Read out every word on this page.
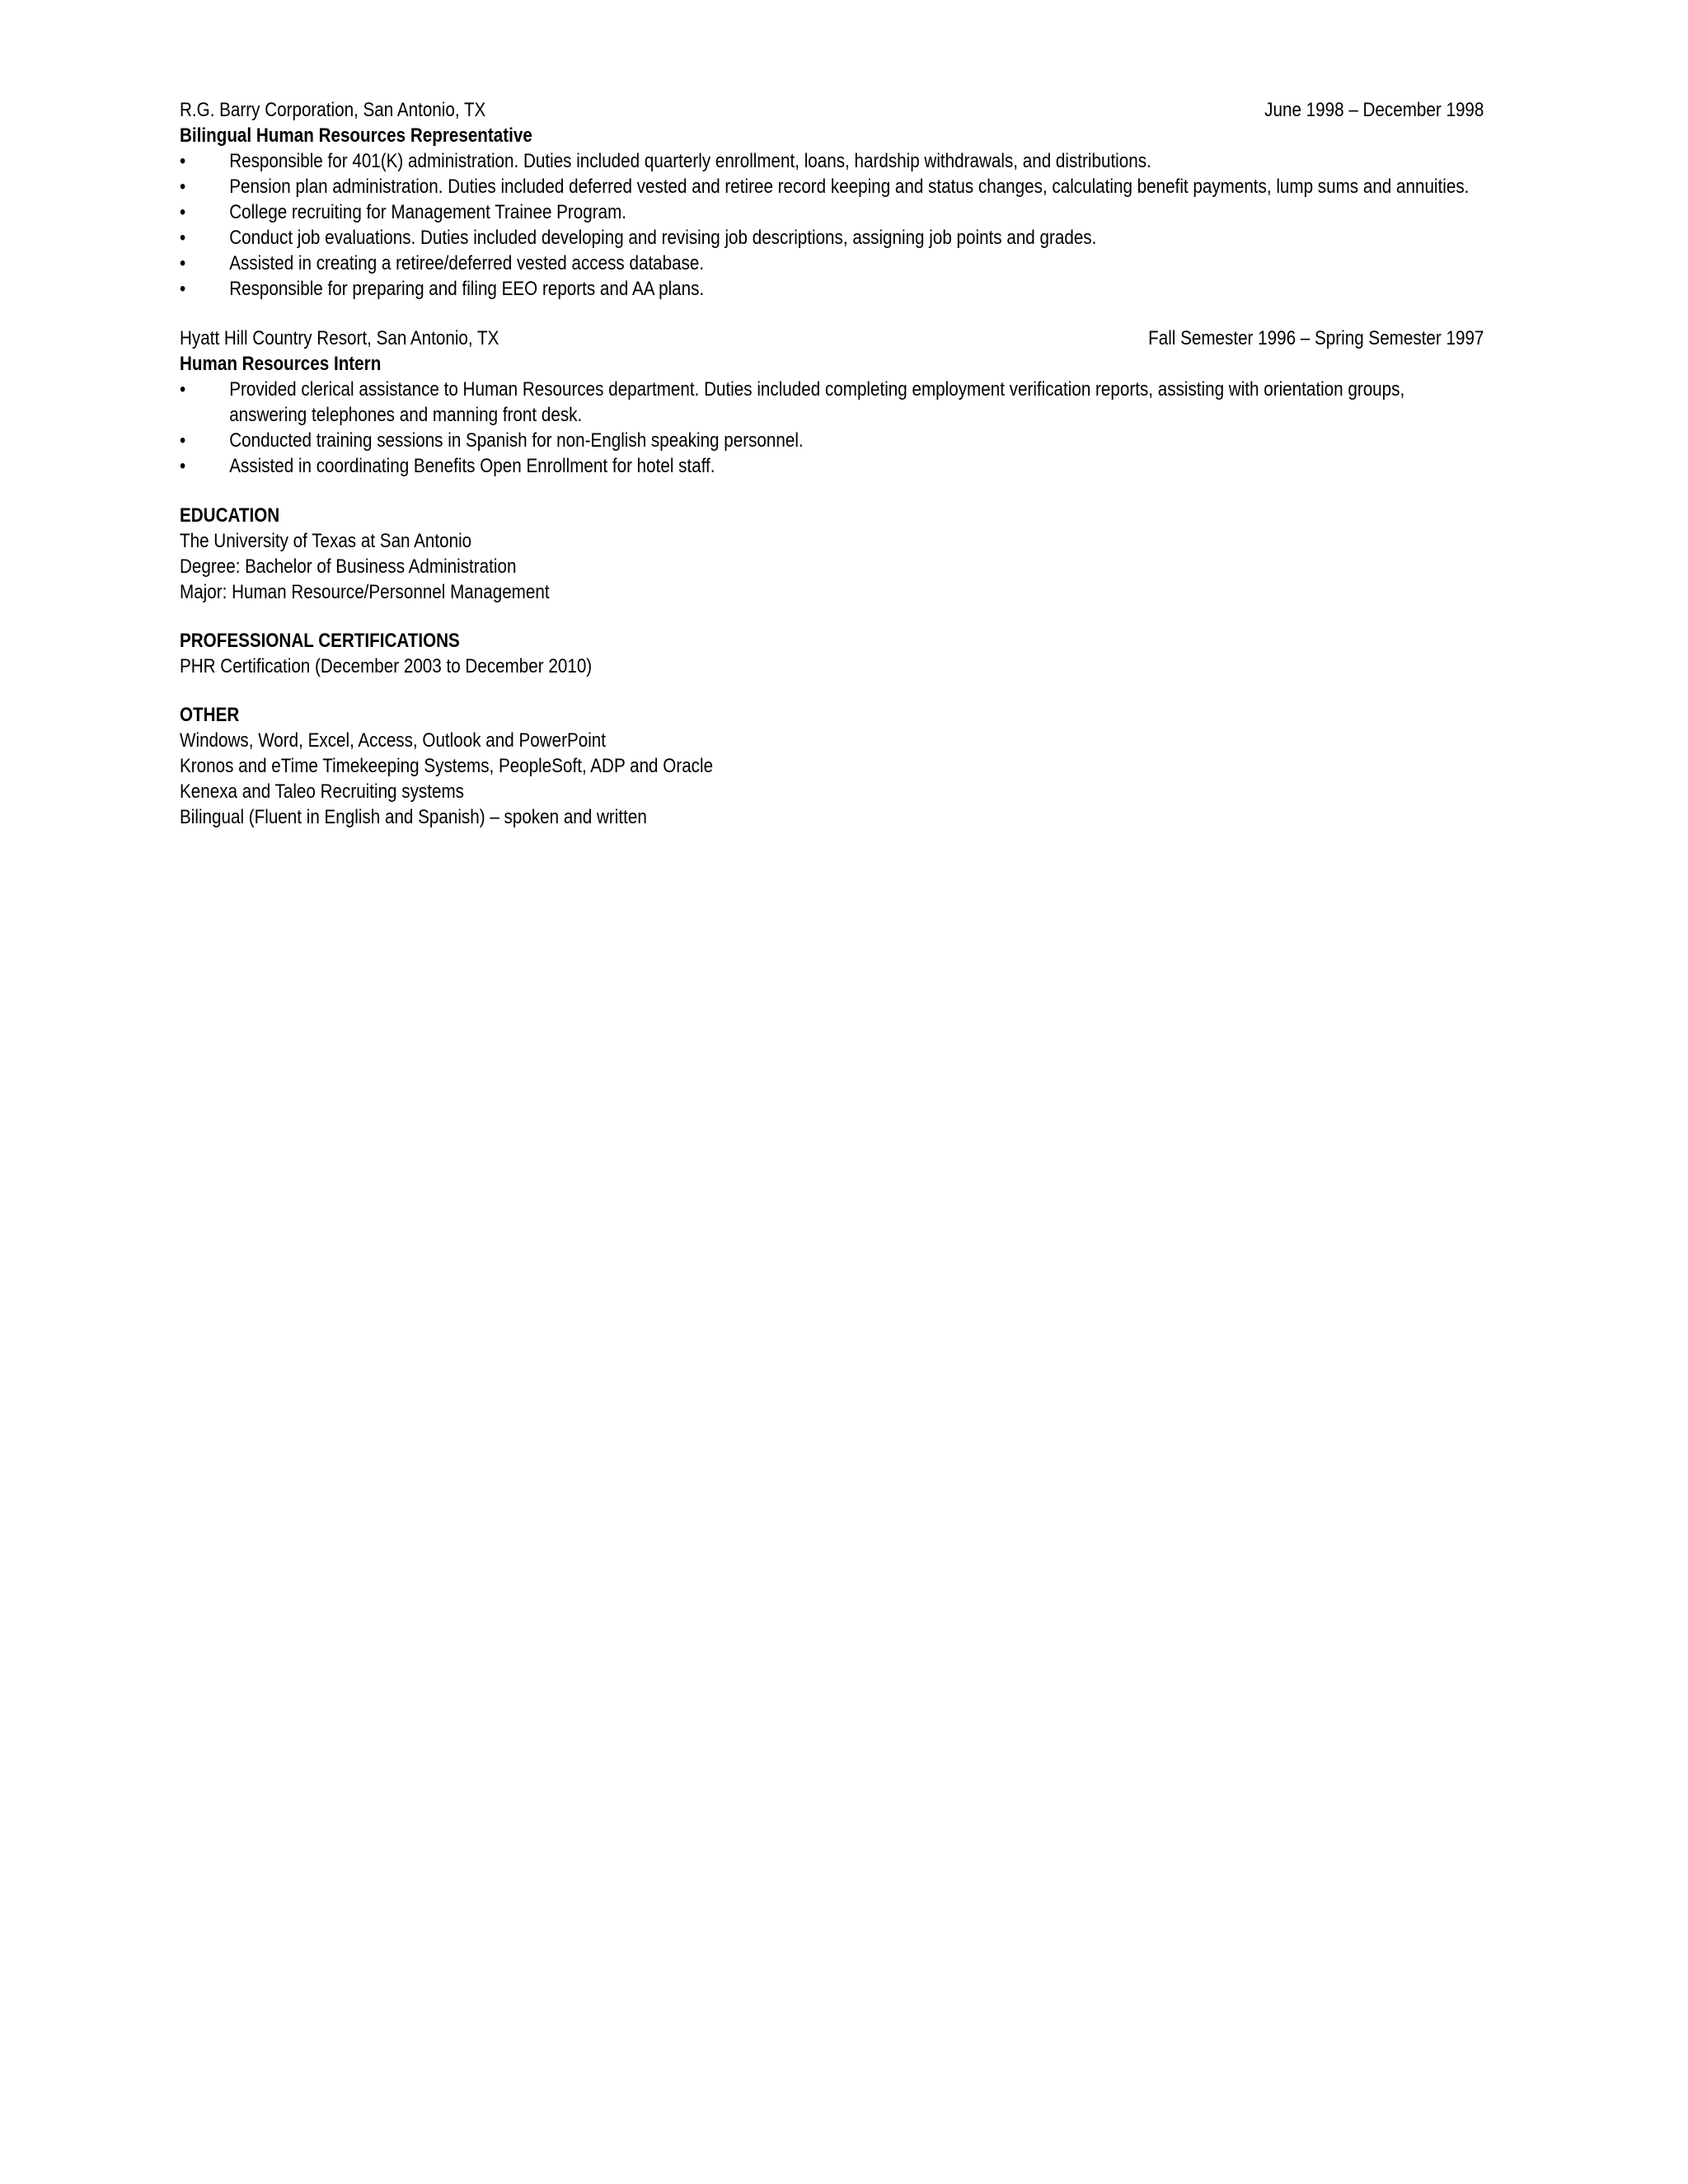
R.G. Barry Corporation, San Antonio, TX	June 1998 – December 1998
Bilingual Human Resources Representative
•	Responsible for 401(K) administration. Duties included quarterly enrollment, loans, hardship withdrawals, and distributions.
•	Pension plan administration. Duties included deferred vested and retiree record keeping and status changes, calculating benefit payments, lump sums and annuities.
•	College recruiting for Management Trainee Program.
•	Conduct job evaluations. Duties included developing and revising job descriptions, assigning job points and grades.
•	Assisted in creating a retiree/deferred vested access database.
•	Responsible for preparing and filing EEO reports and AA plans.
Hyatt Hill Country Resort, San Antonio, TX	Fall Semester 1996 – Spring Semester 1997
Human Resources Intern
•	Provided clerical assistance to Human Resources department. Duties included completing employment verification reports, assisting with orientation groups, answering telephones and manning front desk.
•	Conducted training sessions in Spanish for non-English speaking personnel.
•	Assisted in coordinating Benefits Open Enrollment for hotel staff.
EDUCATION
The University of Texas at San Antonio
Degree: Bachelor of Business Administration
Major: Human Resource/Personnel Management
PROFESSIONAL CERTIFICATIONS
PHR Certification (December 2003 to December 2010)
OTHER
Windows, Word, Excel, Access, Outlook and PowerPoint
Kronos and eTime Timekeeping Systems, PeopleSoft, ADP and Oracle
Kenexa and Taleo Recruiting systems
Bilingual (Fluent in English and Spanish) – spoken and written
